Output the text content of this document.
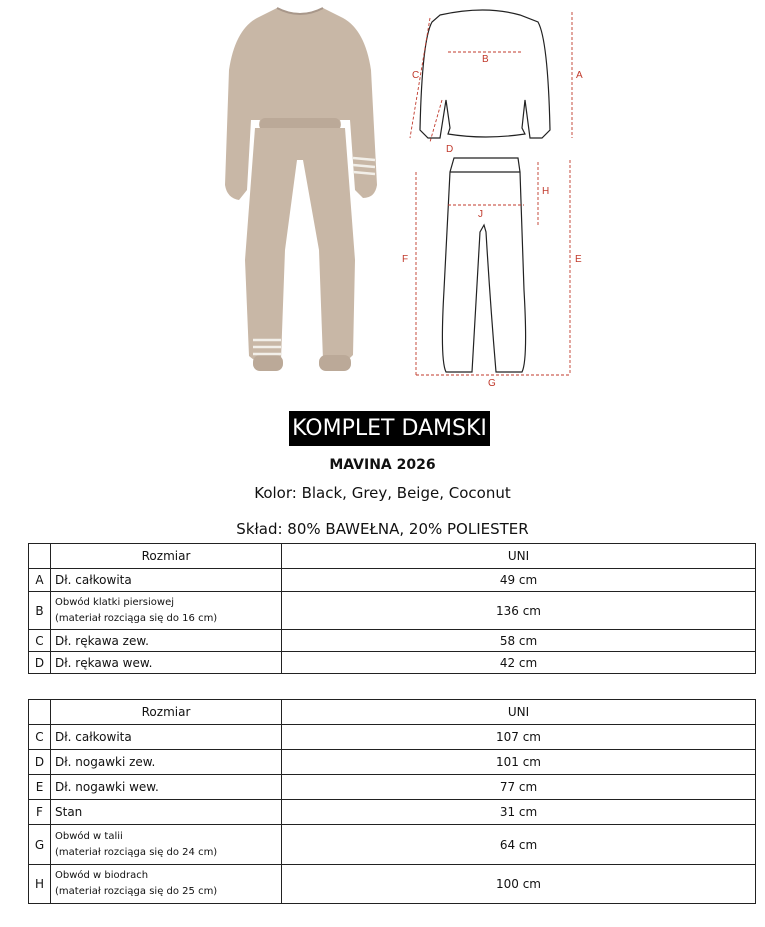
A
B
C
D
E
F
G
H
J
KOMPLET DAMSKI
MAVINA 2026
Kolor: Black, Grey, Beige, Coconut
Skład: 80% BAWEŁNA, 20% POLIESTER
	Rozmiar	UNI
A	Dł. całkowita	49 cm
B	Obwód klatki piersiowej
(materiał rozciąga się do 16 cm)	136 cm
C	Dł. rękawa zew.	58 cm
D	Dł. rękawa wew.	42 cm
	Rozmiar	UNI
C	Dł. całkowita	107 cm
D	Dł. nogawki zew.	101 cm
E	Dł. nogawki wew.	77 cm
F	Stan	31 cm
G	Obwód w talii
(materiał rozciąga się do 24 cm)	64 cm
H	Obwód w biodrach
(materiał rozciąga się do 25 cm)	100 cm
